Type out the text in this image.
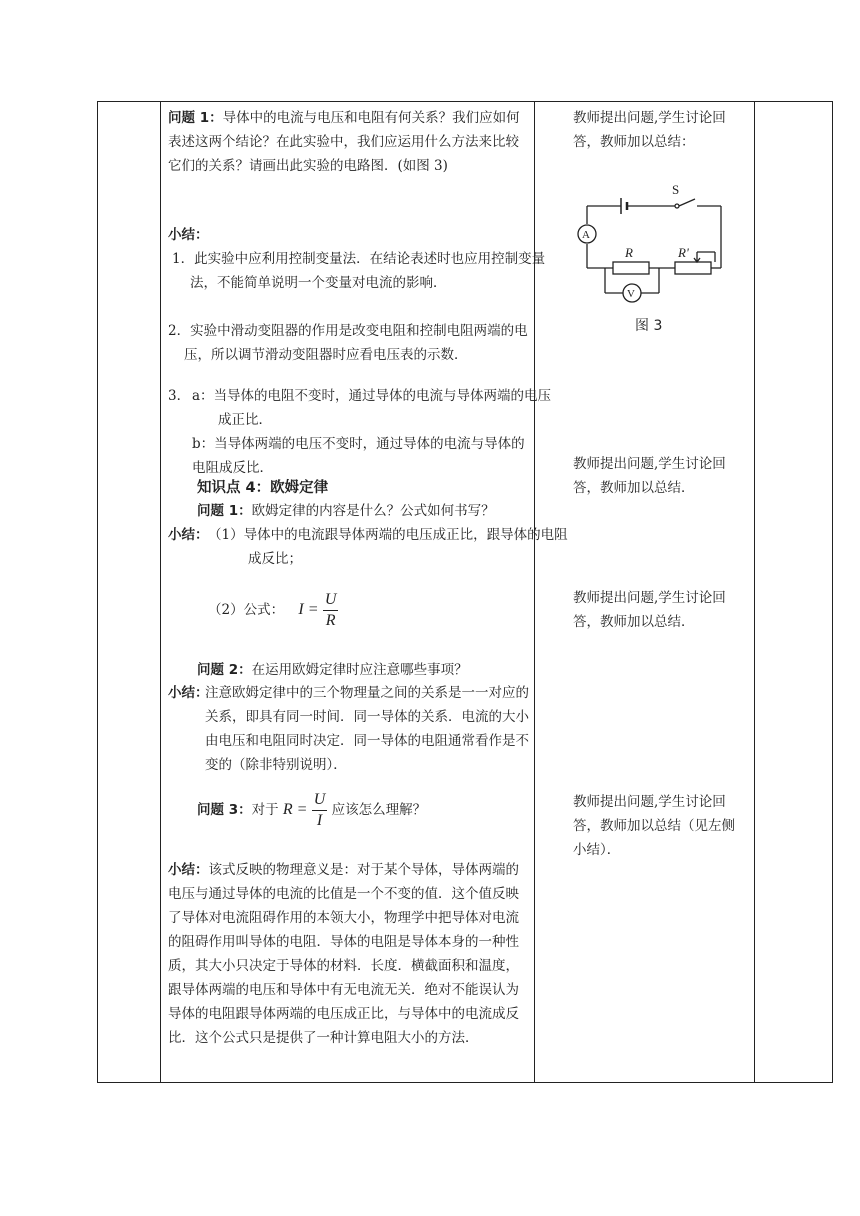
问题 1：导体中的电流与电压和电阻有何关系？我们应如何表述这两个结论？在此实验中，我们应运用什么方法来比较它们的关系？请画出此实验的电路图．(如图 3)
小结：
1．此实验中应利用控制变量法．在结论表述时也应用控制变量法，不能简单说明一个变量对电流的影响．
2．实验中滑动变阻器的作用是改变电阻和控制电阻两端的电压，所以调节滑动变阻器时应看电压表的示数．
3． a：当导体的电阻不变时，通过导体的电流与导体两端的电压成正比．
b：当导体两端的电压不变时，通过导体的电流与导体的电阻成反比．
知识点 4：欧姆定律
问题 1：欧姆定律的内容是什么？公式如何书写？
小结： （1）导体中的电流跟导体两端的电压成正比，跟导体的电阻成反比；
（2）公式： $I = \frac{U}{R}$
问题 2：在运用欧姆定律时应注意哪些事项？
小结：
注意欧姆定律中的三个物理量之间的关系是一一对应的关系，即具有同一时间．同一导体的关系．电流的大小由电压和电阻同时决定．同一导体的电阻通常看作是不变的（除非特别说明）．
问题 3：对于 $R = \frac{U}{I}$ 应该怎么理解？
小结：该式反映的物理意义是：对于某个导体，导体两端的电压与通过导体的电流的比值是一个不变的值．这个值反映了导体对电流阻碍作用的本领大小，物理学中把导体对电流的阻碍作用叫导体的电阻．导体的电阻是导体本身的一种性质，其大小只决定于导体的材料．长度．横截面积和温度，跟导体两端的电压和导体中有无电流无关．绝对不能误认为导体的电阻跟导体两端的电压成正比，与导体中的电流成反比．这个公式只是提供了一种计算电阻大小的方法．
教师提出问题,学生讨论回答，教师加以总结：
S
A
R	R'
V
图 3
教师提出问题,学生讨论回答，教师加以总结．
教师提出问题,学生讨论回答，教师加以总结．
教师提出问题,学生讨论回答，教师加以总结（见左侧小结）．
